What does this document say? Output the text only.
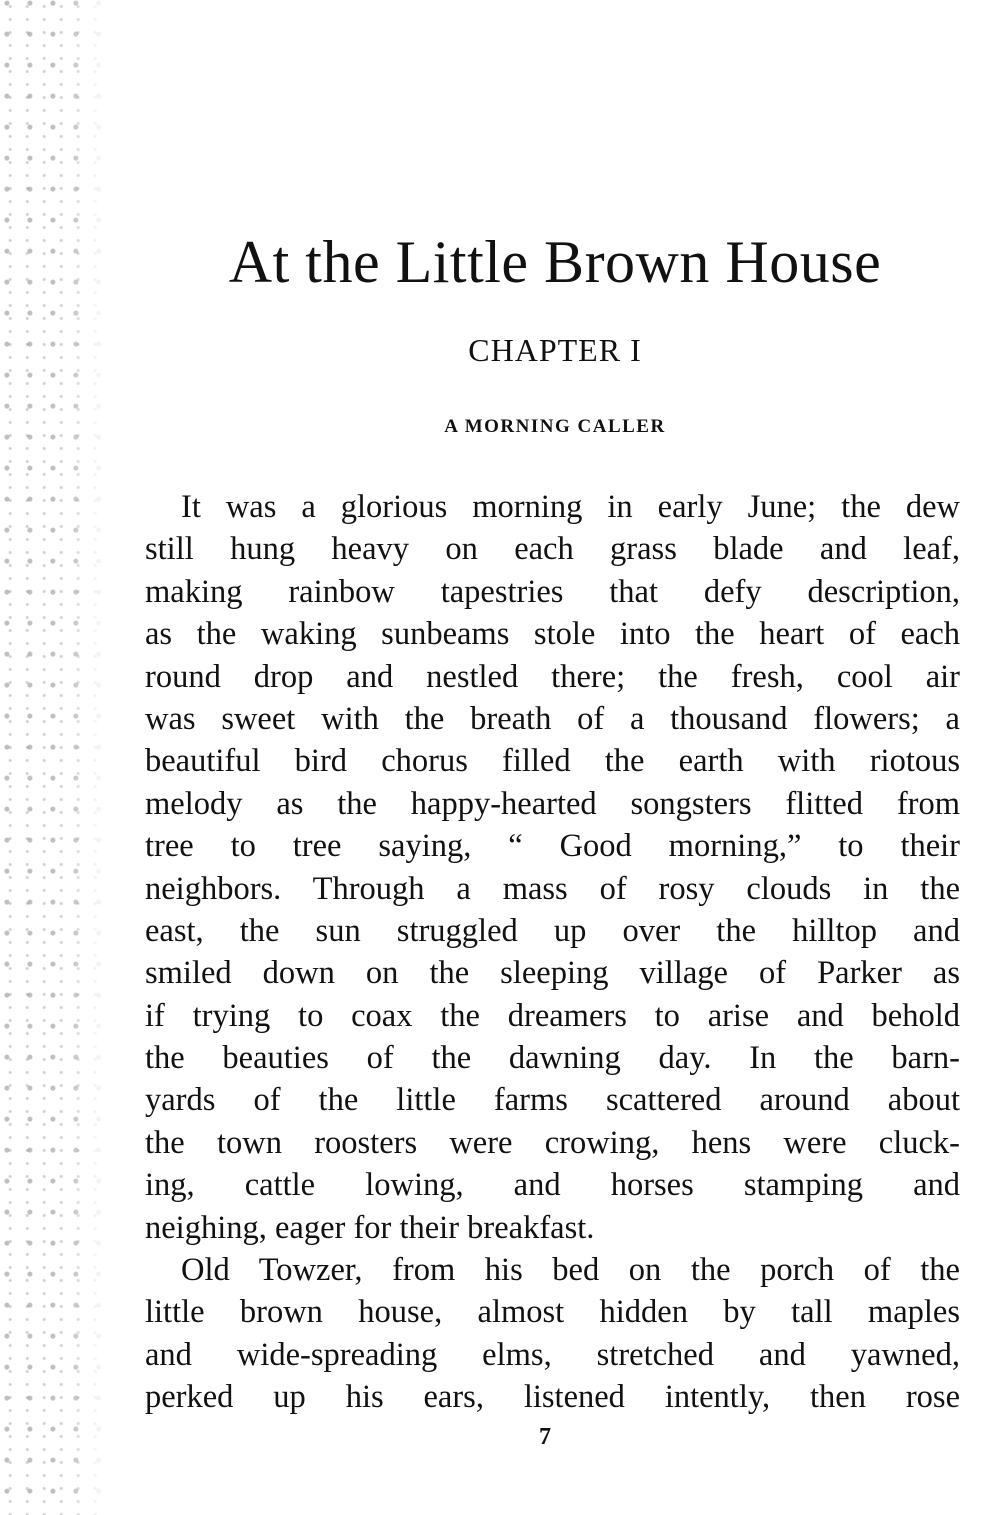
At the Little Brown House
CHAPTER I
A MORNING CALLER
It was a glorious morning in early June; the dew
still hung heavy on each grass blade and leaf,
making rainbow tapestries that defy description,
as the waking sunbeams stole into the heart of each
round drop and nestled there; the fresh, cool air
was sweet with the breath of a thousand flowers; a
beautiful bird chorus filled the earth with riotous
melody as the happy-hearted songsters flitted from
tree to tree saying, “ Good morning,” to their
neighbors. Through a mass of rosy clouds in the
east, the sun struggled up over the hilltop and
smiled down on the sleeping village of Parker as
if trying to coax the dreamers to arise and behold
the beauties of the dawning day. In the barn-
yards of the little farms scattered around about
the town roosters were crowing, hens were cluck-
ing, cattle lowing, and horses stamping and
neighing, eager for their breakfast.
Old Towzer, from his bed on the porch of the
little brown house, almost hidden by tall maples
and wide-spreading elms, stretched and yawned,
perked up his ears, listened intently, then rose
7
